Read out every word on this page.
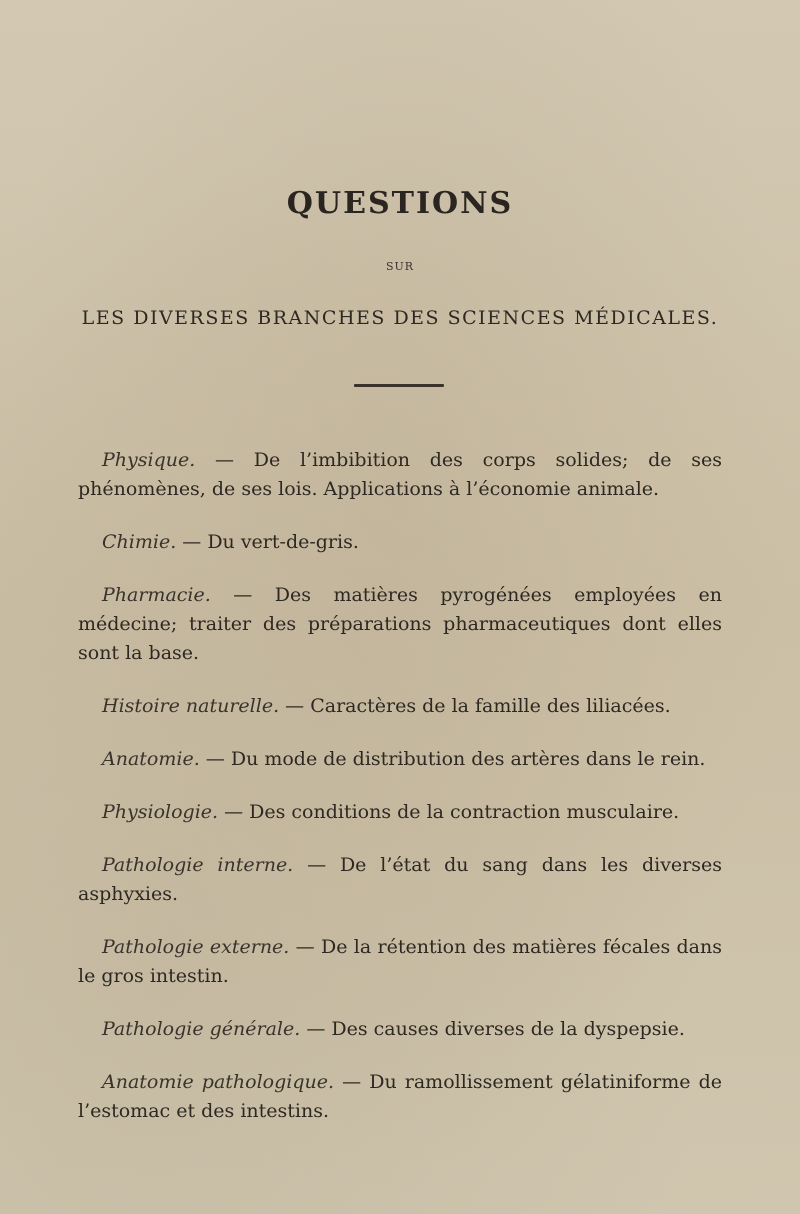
QUESTIONS
SUR
LES DIVERSES BRANCHES DES SCIENCES MÉDICALES.

Physique. — De l’imbibition des corps solides; de ses phénomènes, de ses lois. Applications à l’économie animale.

Chimie. — Du vert-de-gris.

Pharmacie. — Des matières pyrogénées employées en médecine; traiter des préparations pharmaceutiques dont elles sont la base.

Histoire naturelle. — Caractères de la famille des liliacées.

Anatomie. — Du mode de distribution des artères dans le rein.

Physiologie. — Des conditions de la contraction musculaire.

Pathologie interne. — De l’état du sang dans les diverses asphyxies.

Pathologie externe. — De la rétention des matières fécales dans le gros intestin.

Pathologie générale. — Des causes diverses de la dyspepsie.

Anatomie pathologique. — Du ramollissement gélatiniforme de l’estomac et des intestins.
